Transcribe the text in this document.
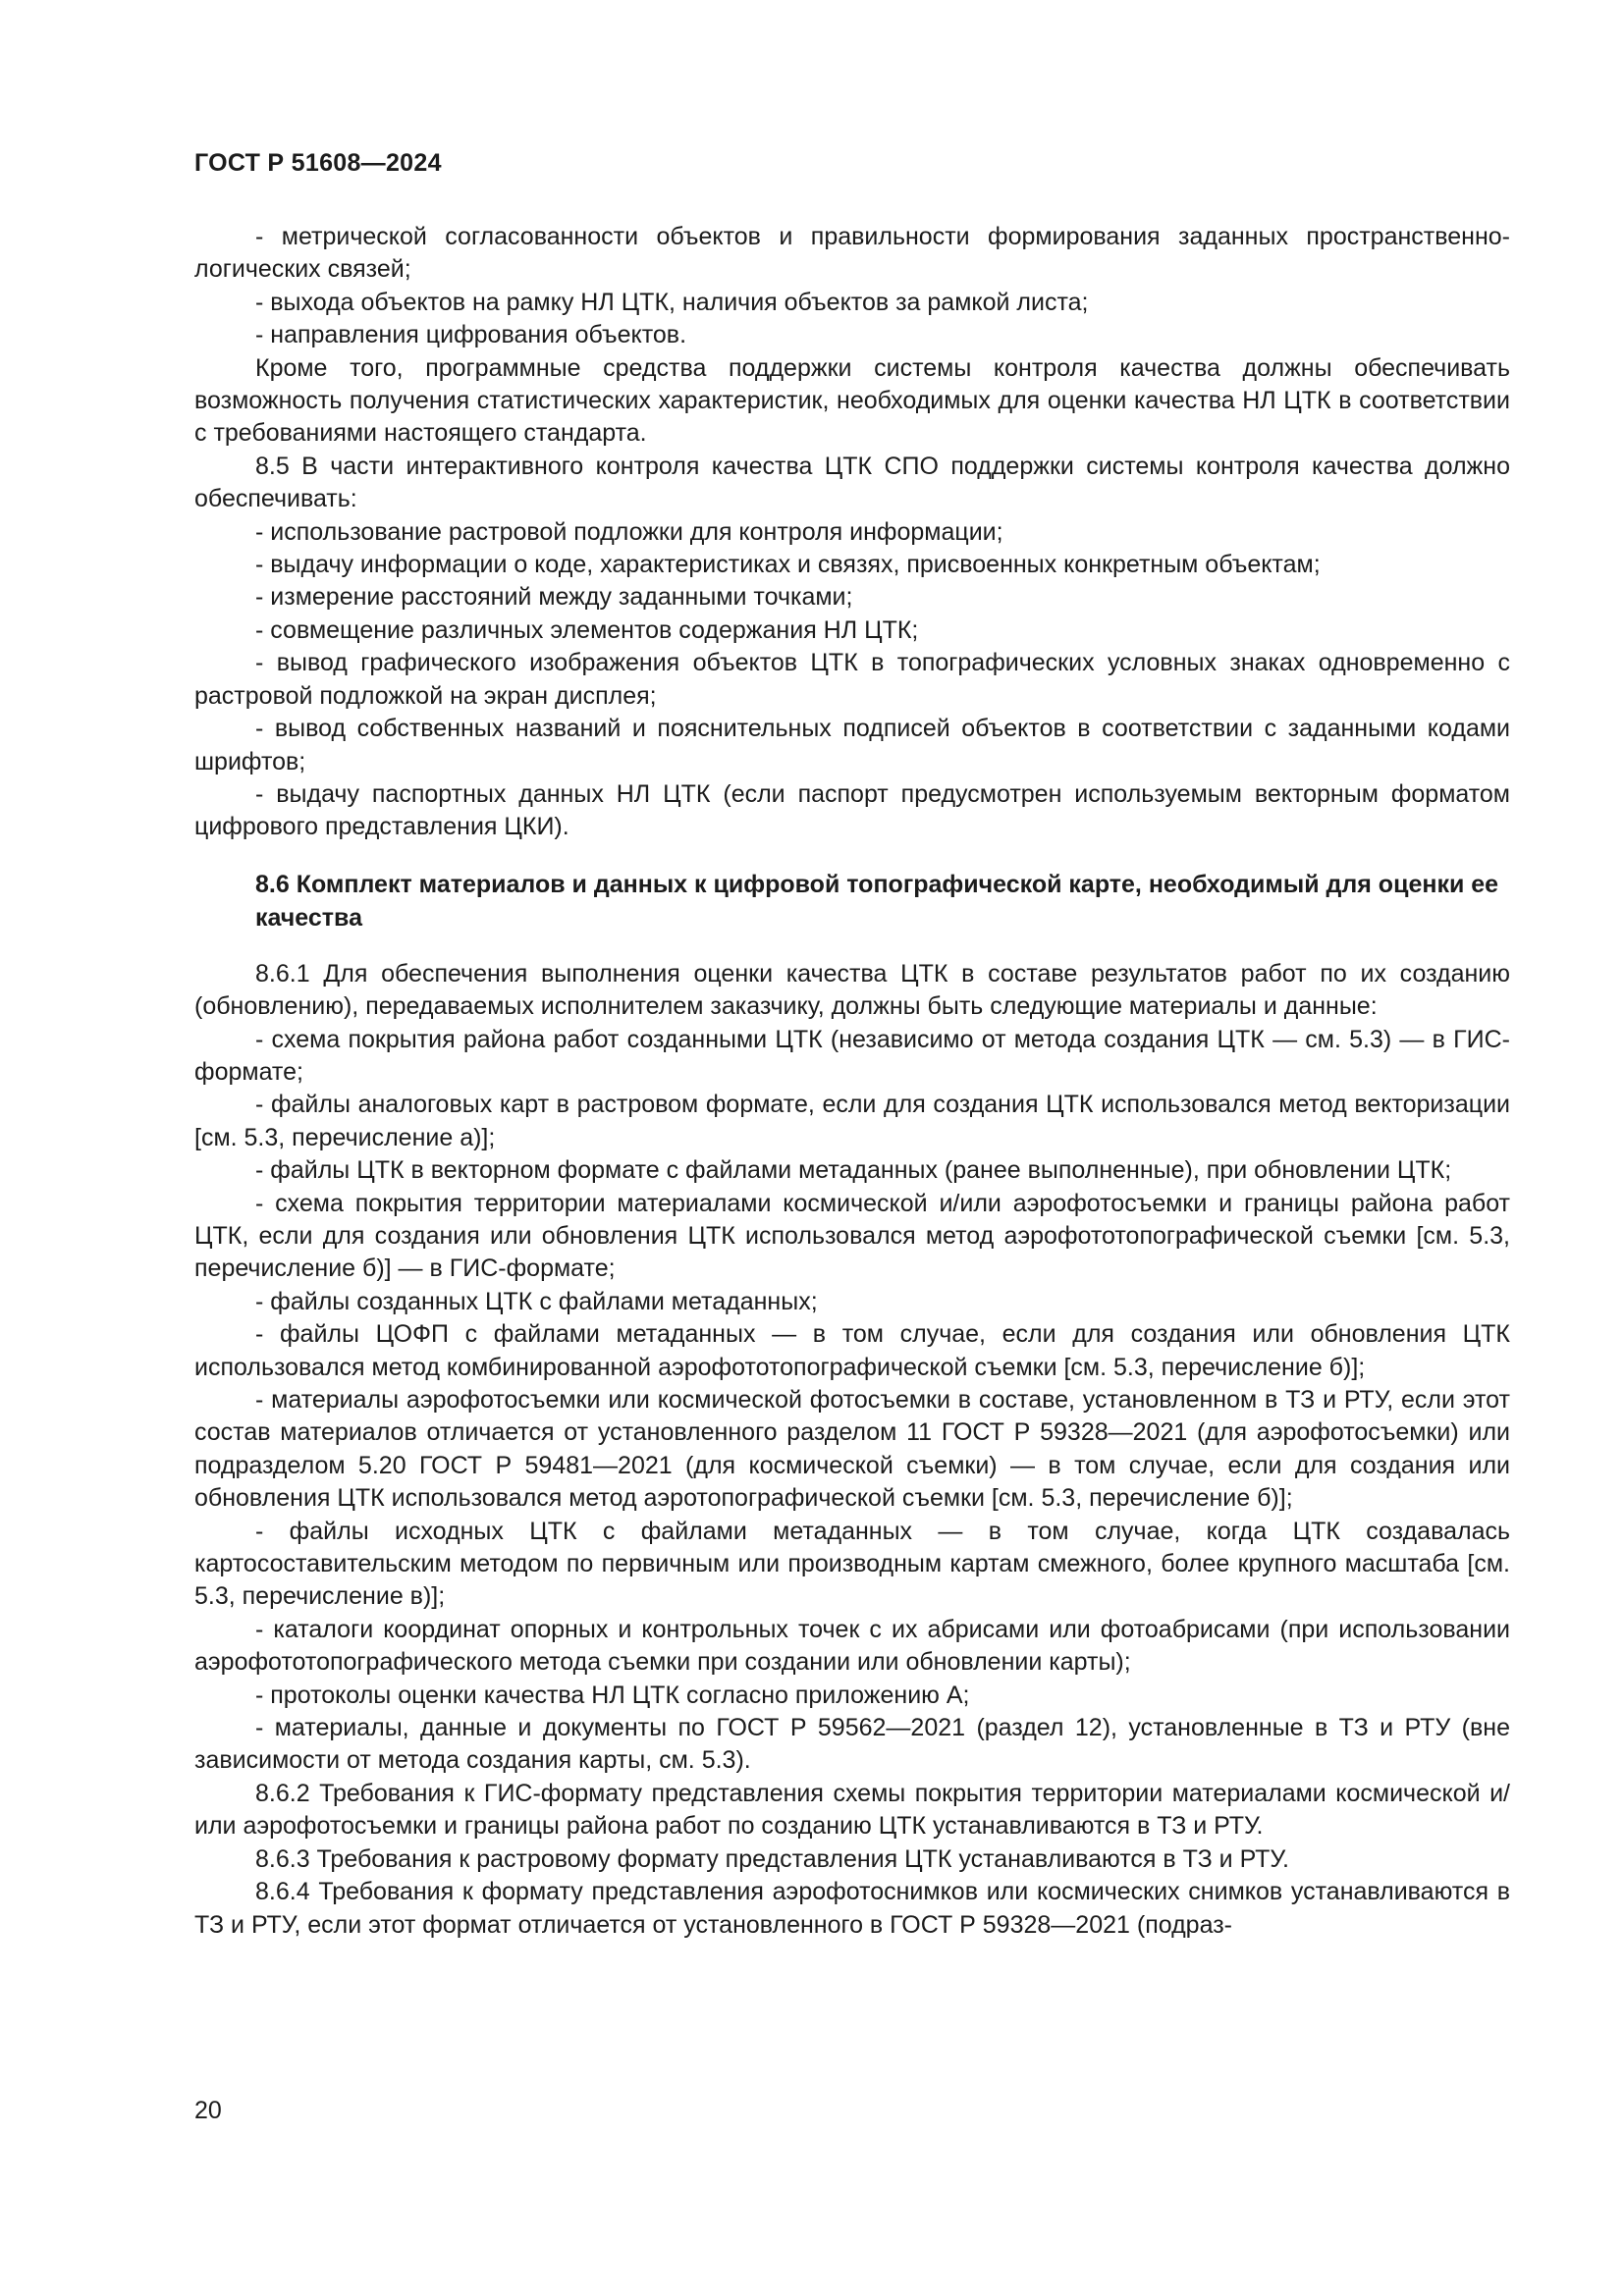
ГОСТ Р 51608—2024

- метрической согласованности объектов и правильности формирования заданных пространственно-логических связей;

- выхода объектов на рамку НЛ ЦТК, наличия объектов за рамкой листа;

- направления цифрования объектов.

Кроме того, программные средства поддержки системы контроля качества должны обеспечивать возможность получения статистических характеристик, необходимых для оценки качества НЛ ЦТК в соответствии с требованиями настоящего стандарта.

8.5 В части интерактивного контроля качества ЦТК СПО поддержки системы контроля качества должно обеспечивать:

- использование растровой подложки для контроля информации;

- выдачу информации о коде, характеристиках и связях, присвоенных конкретным объектам;

- измерение расстояний между заданными точками;

- совмещение различных элементов содержания НЛ ЦТК;

- вывод графического изображения объектов ЦТК в топографических условных знаках одновременно с растровой подложкой на экран дисплея;

- вывод собственных названий и пояснительных подписей объектов в соответствии с заданными кодами шрифтов;

- выдачу паспортных данных НЛ ЦТК (если паспорт предусмотрен используемым векторным форматом цифрового представления ЦКИ).

8.6 Комплект материалов и данных к цифровой топографической карте, необходимый для оценки ее качества

8.6.1 Для обеспечения выполнения оценки качества ЦТК в составе результатов работ по их созданию (обновлению), передаваемых исполнителем заказчику, должны быть следующие материалы и данные:

- схема покрытия района работ созданными ЦТК (независимо от метода создания ЦТК — см. 5.3) — в ГИС-формате;

- файлы аналоговых карт в растровом формате, если для создания ЦТК использовался метод векторизации [см. 5.3, перечисление а)];

- файлы ЦТК в векторном формате с файлами метаданных (ранее выполненные), при обновлении ЦТК;

- схема покрытия территории материалами космической и/или аэрофотосъемки и границы района работ ЦТК, если для создания или обновления ЦТК использовался метод аэрофототопографической съемки [см. 5.3, перечисление б)] — в ГИС-формате;

- файлы созданных ЦТК с файлами метаданных;

- файлы ЦОФП с файлами метаданных — в том случае, если для создания или обновления ЦТК использовался метод комбинированной аэрофототопографической съемки [см. 5.3, перечисление б)];

- материалы аэрофотосъемки или космической фотосъемки в составе, установленном в ТЗ и РТУ, если этот состав материалов отличается от установленного разделом 11 ГОСТ Р 59328—2021 (для аэрофотосъемки) или подразделом 5.20 ГОСТ Р 59481—2021 (для космической съемки) — в том случае, если для создания или обновления ЦТК использовался метод аэротопографической съемки [см. 5.3, перечисление б)];

- файлы исходных ЦТК с файлами метаданных — в том случае, когда ЦТК создавалась картосоставительским методом по первичным или производным картам смежного, более крупного масштаба [см. 5.3, перечисление в)];

- каталоги координат опорных и контрольных точек с их абрисами или фотоабрисами (при использовании аэрофототопографического метода съемки при создании или обновлении карты);

- протоколы оценки качества НЛ ЦТК согласно приложению А;

- материалы, данные и документы по ГОСТ Р 59562—2021 (раздел 12), установленные в ТЗ и РТУ (вне зависимости от метода создания карты, см. 5.3).

8.6.2 Требования к ГИС-формату представления схемы покрытия территории материалами космической и/или аэрофотосъемки и границы района работ по созданию ЦТК устанавливаются в ТЗ и РТУ.

8.6.3 Требования к растровому формату представления ЦТК устанавливаются в ТЗ и РТУ.

8.6.4 Требования к формату представления аэрофотоснимков или космических снимков устанавливаются в ТЗ и РТУ, если этот формат отличается от установленного в ГОСТ Р 59328—2021 (подраз-

20
